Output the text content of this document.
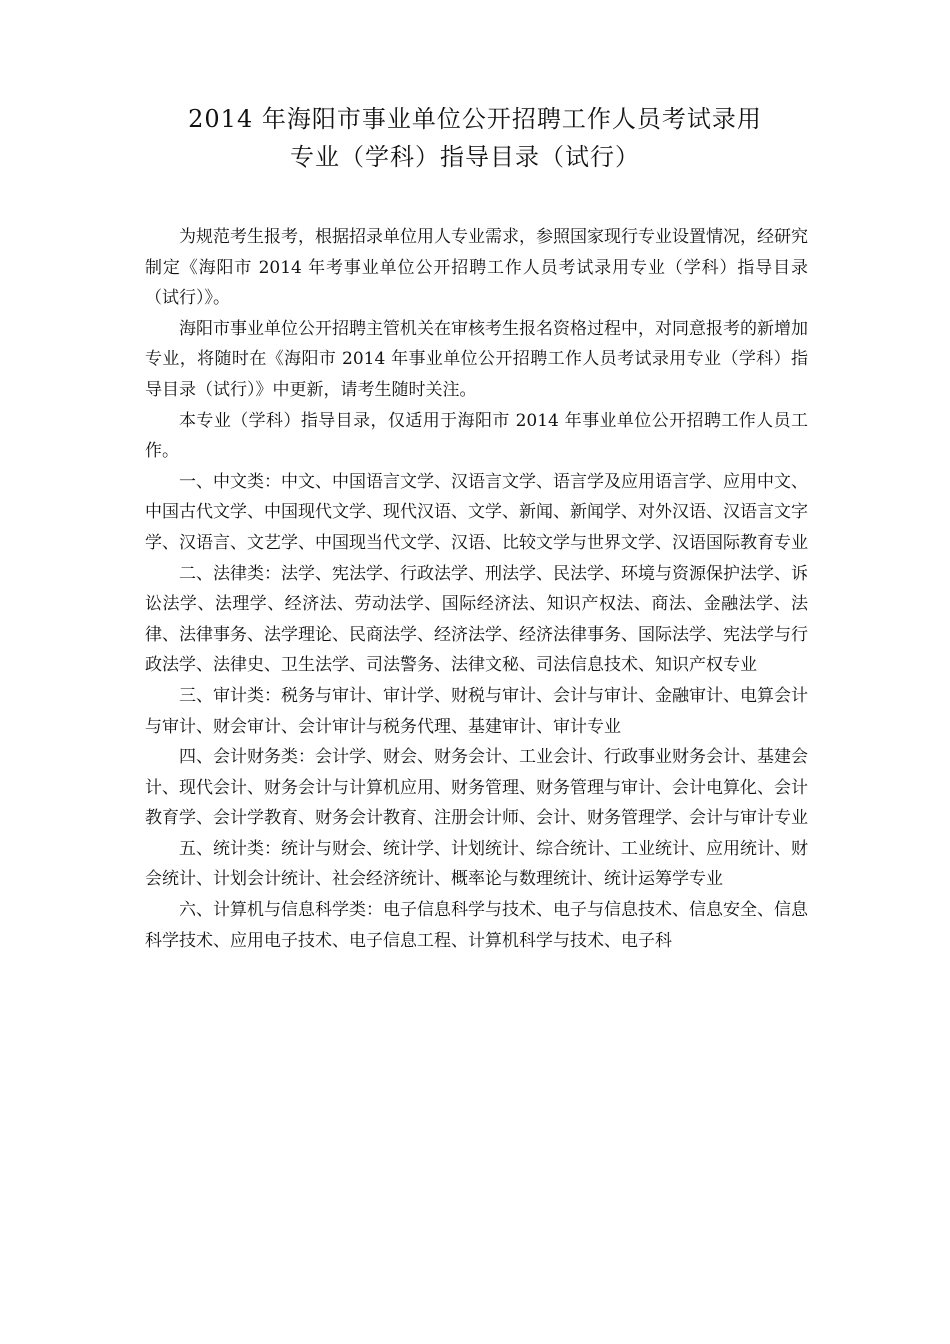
2014 年海阳市事业单位公开招聘工作人员考试录用
专业（学科）指导目录（试行）

为规范考生报考，根据招录单位用人专业需求，参照国家现行专业设置情况，经研究制定《海阳市 2014 年考事业单位公开招聘工作人员考试录用专业（学科）指导目录（试行）》。

海阳市事业单位公开招聘主管机关在审核考生报名资格过程中，对同意报考的新增加专业，将随时在《海阳市 2014 年事业单位公开招聘工作人员考试录用专业（学科）指导目录（试行）》中更新，请考生随时关注。

本专业（学科）指导目录，仅适用于海阳市 2014 年事业单位公开招聘工作人员工作。

一、中文类：中文、中国语言文学、汉语言文学、语言学及应用语言学、应用中文、中国古代文学、中国现代文学、现代汉语、文学、新闻、新闻学、对外汉语、汉语言文字学、汉语言、文艺学、中国现当代文学、汉语、比较文学与世界文学、汉语国际教育专业

二、法律类：法学、宪法学、行政法学、刑法学、民法学、环境与资源保护法学、诉讼法学、法理学、经济法、劳动法学、国际经济法、知识产权法、商法、金融法学、法律、法律事务、法学理论、民商法学、经济法学、经济法律事务、国际法学、宪法学与行政法学、法律史、卫生法学、司法警务、法律文秘、司法信息技术、知识产权专业

三、审计类：税务与审计、审计学、财税与审计、会计与审计、金融审计、电算会计与审计、财会审计、会计审计与税务代理、基建审计、审计专业

四、会计财务类：会计学、财会、财务会计、工业会计、行政事业财务会计、基建会计、现代会计、财务会计与计算机应用、财务管理、财务管理与审计、会计电算化、会计教育学、会计学教育、财务会计教育、注册会计师、会计、财务管理学、会计与审计专业

五、统计类：统计与财会、统计学、计划统计、综合统计、工业统计、应用统计、财会统计、计划会计统计、社会经济统计、概率论与数理统计、统计运筹学专业

六、计算机与信息科学类：电子信息科学与技术、电子与信息技术、信息安全、信息科学技术、应用电子技术、电子信息工程、计算机科学与技术、电子科
